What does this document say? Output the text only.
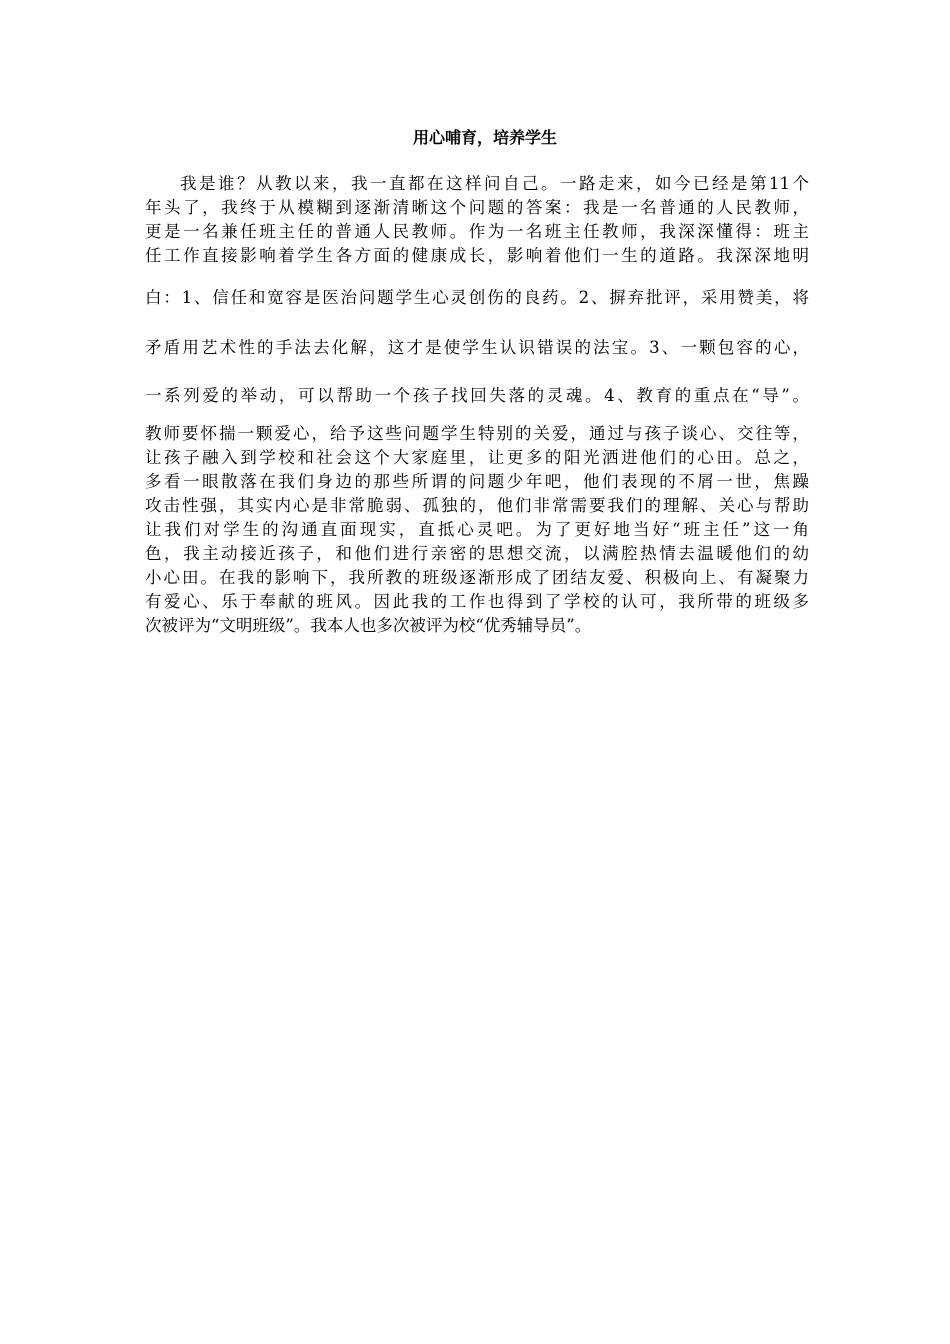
用心哺育，培养学生

我是谁？从教以来，我一直都在这样问自己。一路走来，如今已经是第11个

年头了，我终于从模糊到逐渐清晰这个问题的答案：我是一名普通的人民教师，

更是一名兼任班主任的普通人民教师。作为一名班主任教师，我深深懂得：班主

任工作直接影响着学生各方面的健康成长，影响着他们一生的道路。我深深地明

白：1、信任和宽容是医治问题学生心灵创伤的良药。2、摒弃批评，采用赞美，将

矛盾用艺术性的手法去化解，这才是使学生认识错误的法宝。3、一颗包容的心，

一系列爱的举动，可以帮助一个孩子找回失落的灵魂。4、教育的重点在“导”。

教师要怀揣一颗爱心，给予这些问题学生特别的关爱，通过与孩子谈心、交往等，

让孩子融入到学校和社会这个大家庭里，让更多的阳光洒进他们的心田。总之，

多看一眼散落在我们身边的那些所谓的问题少年吧，他们表现的不屑一世，焦躁

攻击性强，其实内心是非常脆弱、孤独的，他们非常需要我们的理解、关心与帮助

让我们对学生的沟通直面现实，直抵心灵吧。为了更好地当好“班主任”这一角

色，我主动接近孩子，和他们进行亲密的思想交流，以满腔热情去温暖他们的幼

小心田。在我的影响下，我所教的班级逐渐形成了团结友爱、积极向上、有凝聚力

有爱心、乐于奉献的班风。因此我的工作也得到了学校的认可，我所带的班级多

次被评为“文明班级”。我本人也多次被评为校“优秀辅导员”。
